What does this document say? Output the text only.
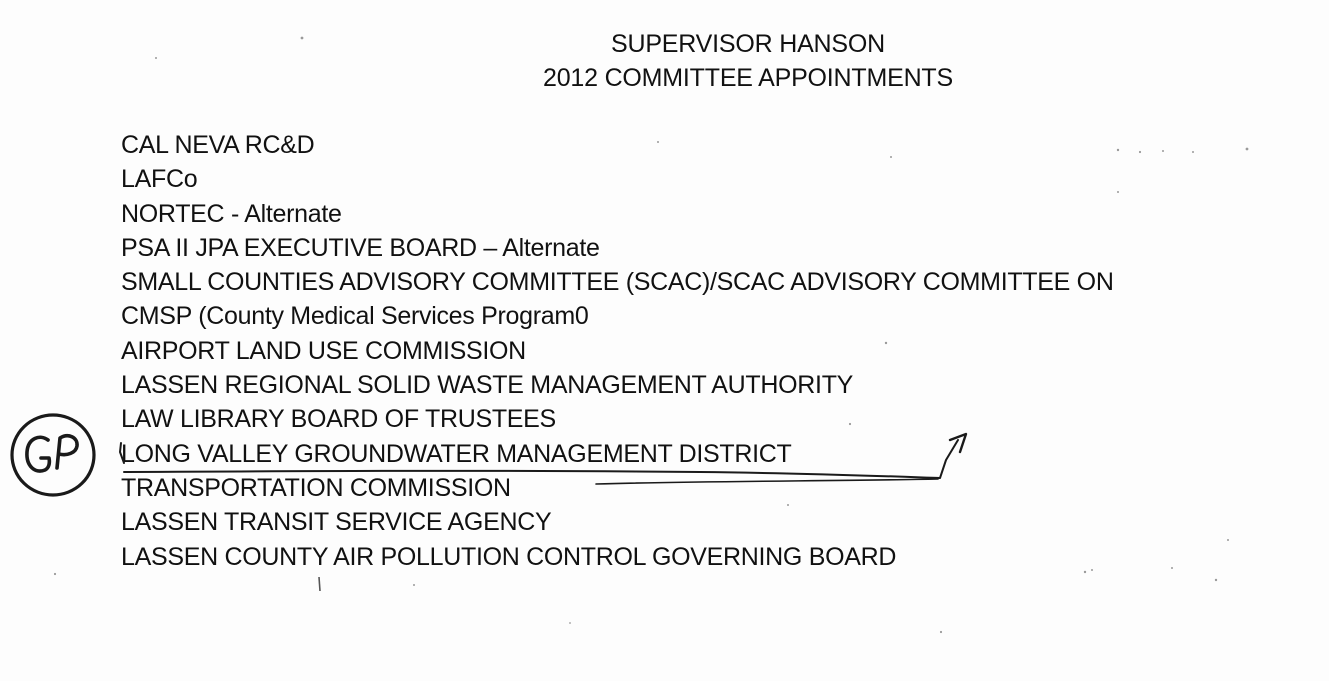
SUPERVISOR HANSON
2012 COMMITTEE APPOINTMENTS
CAL NEVA RC&D
LAFCo
NORTEC - Alternate
PSA II JPA EXECUTIVE BOARD – Alternate
SMALL COUNTIES ADVISORY COMMITTEE (SCAC)/SCAC ADVISORY COMMITTEE ON
CMSP (County Medical Services Program0
AIRPORT LAND USE COMMISSION
LASSEN REGIONAL SOLID WASTE MANAGEMENT AUTHORITY
LAW LIBRARY BOARD OF TRUSTEES
LONG VALLEY GROUNDWATER MANAGEMENT DISTRICT
TRANSPORTATION COMMISSION
LASSEN TRANSIT SERVICE AGENCY
LASSEN COUNTY AIR POLLUTION CONTROL GOVERNING BOARD
